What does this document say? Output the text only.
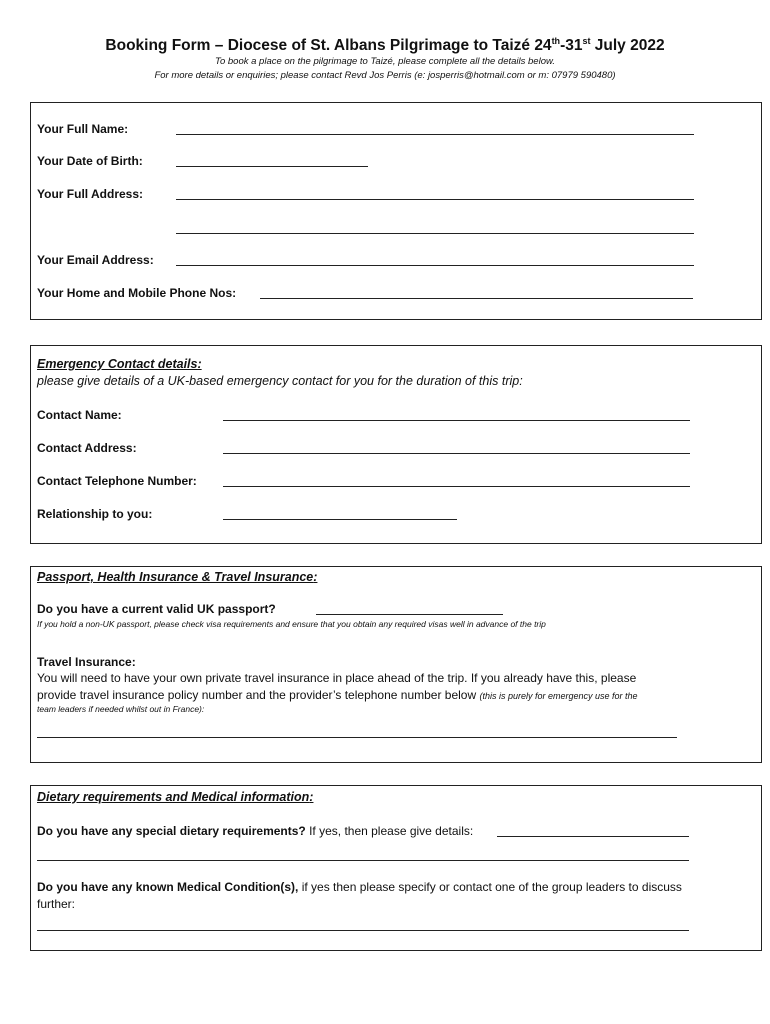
Booking Form – Diocese of St. Albans Pilgrimage to Taizé 24th-31st July 2022
To book a place on the pilgrimage to Taizé, please complete all the details below.
For more details or enquiries; please contact Revd Jos Perris (e: josperris@hotmail.com or m: 07979 590480)
Your Full Name:
Your Date of Birth:
Your Full Address:
Your Email Address:
Your Home and Mobile Phone Nos:
Emergency Contact details:
please give details of a UK-based emergency contact for you for the duration of this trip:
Contact Name:
Contact Address:
Contact Telephone Number:
Relationship to you:
Passport, Health Insurance & Travel Insurance:
Do you have a current valid UK passport?
If you hold a non-UK passport, please check visa requirements and ensure that you obtain any required visas well in advance of the trip
Travel Insurance:
You will need to have your own private travel insurance in place ahead of the trip. If you already have this, please
provide travel insurance policy number and the provider’s telephone number below (this is purely for emergency use for the
team leaders if needed whilst out in France):
Dietary requirements and Medical information:
Do you have any special dietary requirements? If yes, then please give details:
Do you have any known Medical Condition(s), if yes then please specify or contact one of the group leaders to discuss
further:
